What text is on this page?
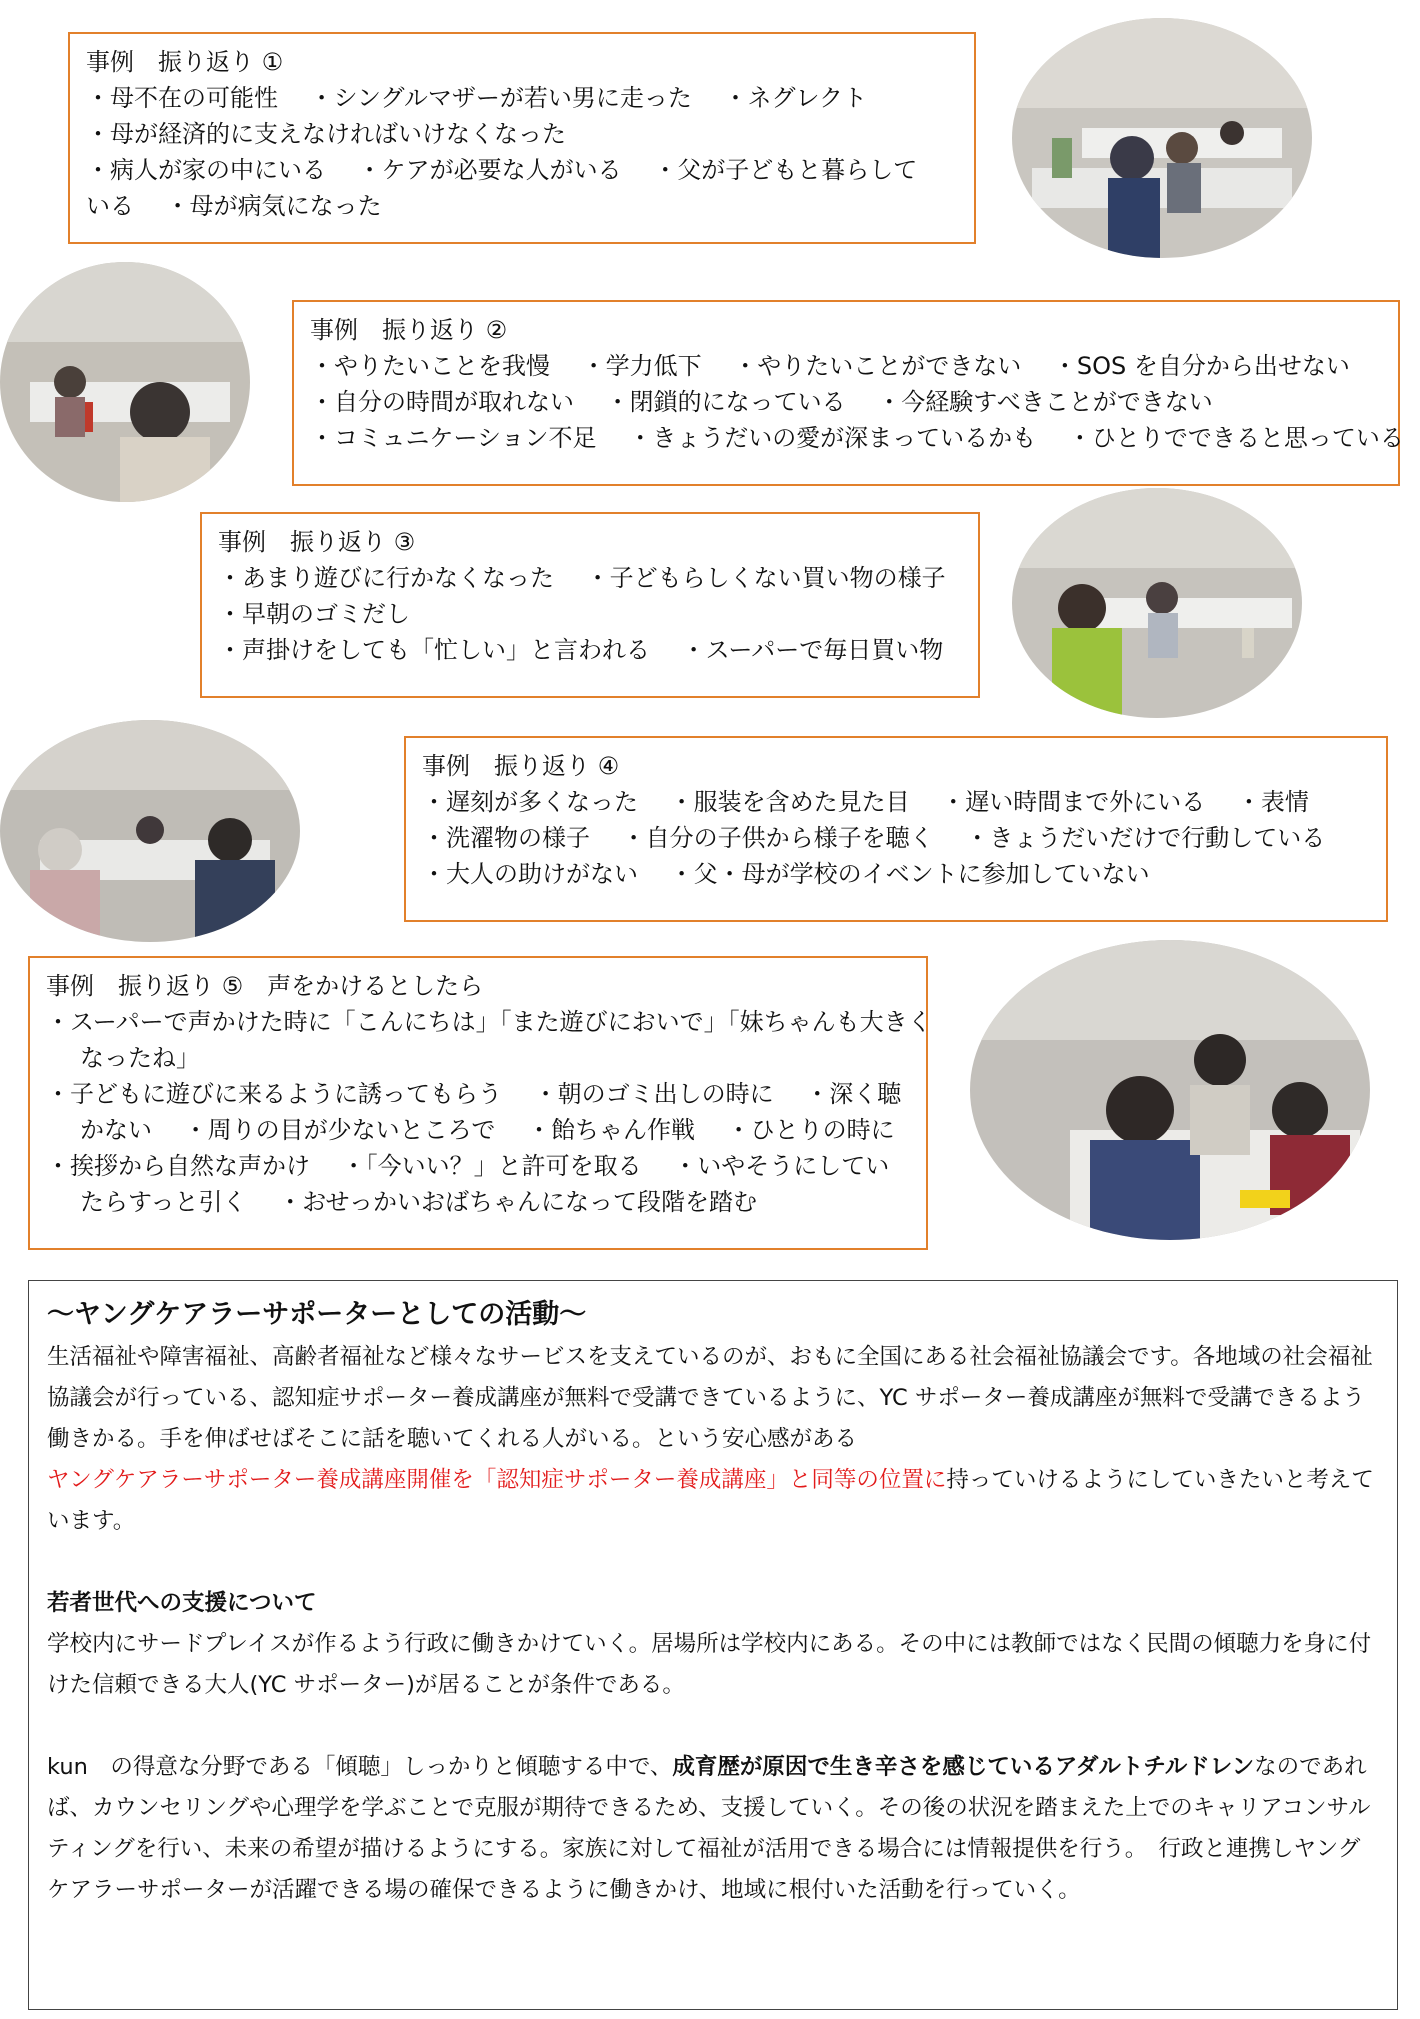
事例　振り返り ①
・母不在の可能性　 ・シングルマザーが若い男に走った　 ・ネグレクト
・母が経済的に支えなければいけなくなった
・病人が家の中にいる　 ・ケアが必要な人がいる　 ・父が子どもと暮らして
いる　 ・母が病気になった
事例　振り返り ②
・やりたいことを我慢　 ・学力低下　 ・やりたいことができない　 ・SOS を自分から出せない
・自分の時間が取れない　 ・閉鎖的になっている　 ・今経験すべきことができない
・コミュニケーション不足　 ・きょうだいの愛が深まっているかも　 ・ひとりでできると思っている
事例　振り返り ③
・あまり遊びに行かなくなった　 ・子どもらしくない買い物の様子
・早朝のゴミだし
・声掛けをしても「忙しい」と言われる　 ・スーパーで毎日買い物
事例　振り返り ④
・遅刻が多くなった　 ・服装を含めた見た目　 ・遅い時間まで外にいる　 ・表情
・洗濯物の様子　 ・自分の子供から様子を聴く　 ・きょうだいだけで行動している
・大人の助けがない　 ・父・母が学校のイベントに参加していない
事例　振り返り ⑤　声をかけるとしたら
・スーパーで声かけた時に「こんにちは」「また遊びにおいで」「妹ちゃんも大きく
なったね」
・子どもに遊びに来るように誘ってもらう　 ・朝のゴミ出しの時に　 ・深く聴
かない　 ・周りの目が少ないところで　 ・飴ちゃん作戦　 ・ひとりの時に
・挨拶から自然な声かけ　 ・「今いい？」と許可を取る　 ・いやそうにしてい
たらすっと引く　 ・おせっかいおばちゃんになって段階を踏む

～ヤングケアラーサポーターとしての活動～

生活福祉や障害福祉、高齢者福祉など様々なサービスを支えているのが、おもに全国にある社会福祉協議会です。各地域の社会福祉協議会が行っている、認知症サポーター養成講座が無料で受講できているように、YC サポーター養成講座が無料で受講できるよう働きかる。手を伸ばせばそこに話を聴いてくれる人がいる。という安心感がある
ヤングケアラーサポーター養成講座開催を「認知症サポーター養成講座」と同等の位置に持っていけるようにしていきたいと考えています。

若者世代への支援について

学校内にサードプレイスが作るよう行政に働きかけていく。居場所は学校内にある。その中には教師ではなく民間の傾聴力を身に付けた信頼できる大人(YC サポーター)が居ることが条件である。

kun　の得意な分野である「傾聴」しっかりと傾聴する中で、成育歴が原因で生き辛さを感じているアダルトチルドレンなのであれば、カウンセリングや心理学を学ぶことで克服が期待できるため、支援していく。その後の状況を踏まえた上でのキャリアコンサルティングを行い、未来の希望が描けるようにする。家族に対して福祉が活用できる場合には情報提供を行う。　行政と連携しヤングケアラーサポーターが活躍できる場の確保できるように働きかけ、地域に根付いた活動を行っていく。
